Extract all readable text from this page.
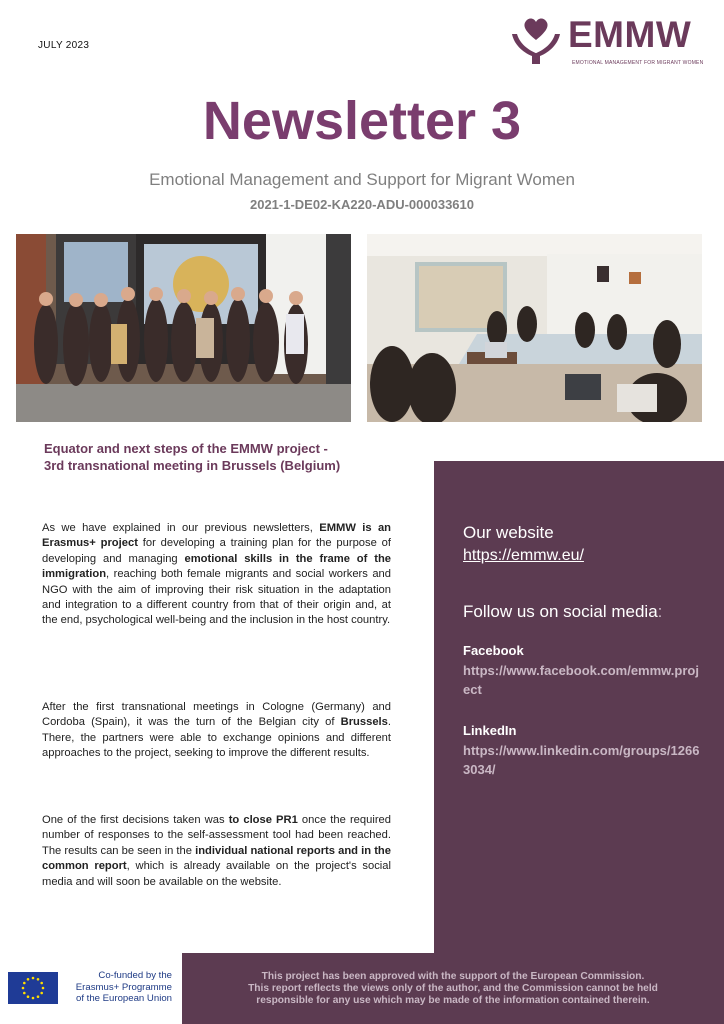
JULY 2023	EMMW
EMOTIONAL MANAGEMENT FOR MIGRANT WOMEN
Newsletter 3
Emotional Management and Support for Migrant Women
2021-1-DE02-KA220-ADU-000033610
Equator and next steps of the EMMW project - 3rd transnational meeting in Brussels (Belgium)

As we have explained in our previous newsletters, EMMW is an Erasmus+ project for developing a training plan for the purpose of developing and managing emotional skills in the frame of the immigration, reaching both female migrants and social workers and NGO with the aim of improving their risk situation in the adaptation and integration to a different country from that of their origin and, at the end, psychological well-being and the inclusion in the host country.

After the first transnational meetings in Cologne (Germany) and Cordoba (Spain), it was the turn of the Belgian city of Brussels. There, the partners were able to exchange opinions and different approaches to the project, seeking to improve the different results.

One of the first decisions taken was to close PR1 once the required number of responses to the self-assessment tool had been reached. The results can be seen in the individual national reports and in the common report, which is already available on the project's social media and will soon be available on the website.

Our website
https://emmw.eu/
Follow us on social media:
Facebook
https://www.facebook.com/emmw.project
LinkedIn
https://www.linkedin.com/groups/12663034/
This project has been approved with the support of the European Commission.
This report reflects the views only of the author, and the Commission cannot be held
responsible for any use which may be made of the information contained therein.
Co-funded by the
Erasmus+ Programme
of the European Union
